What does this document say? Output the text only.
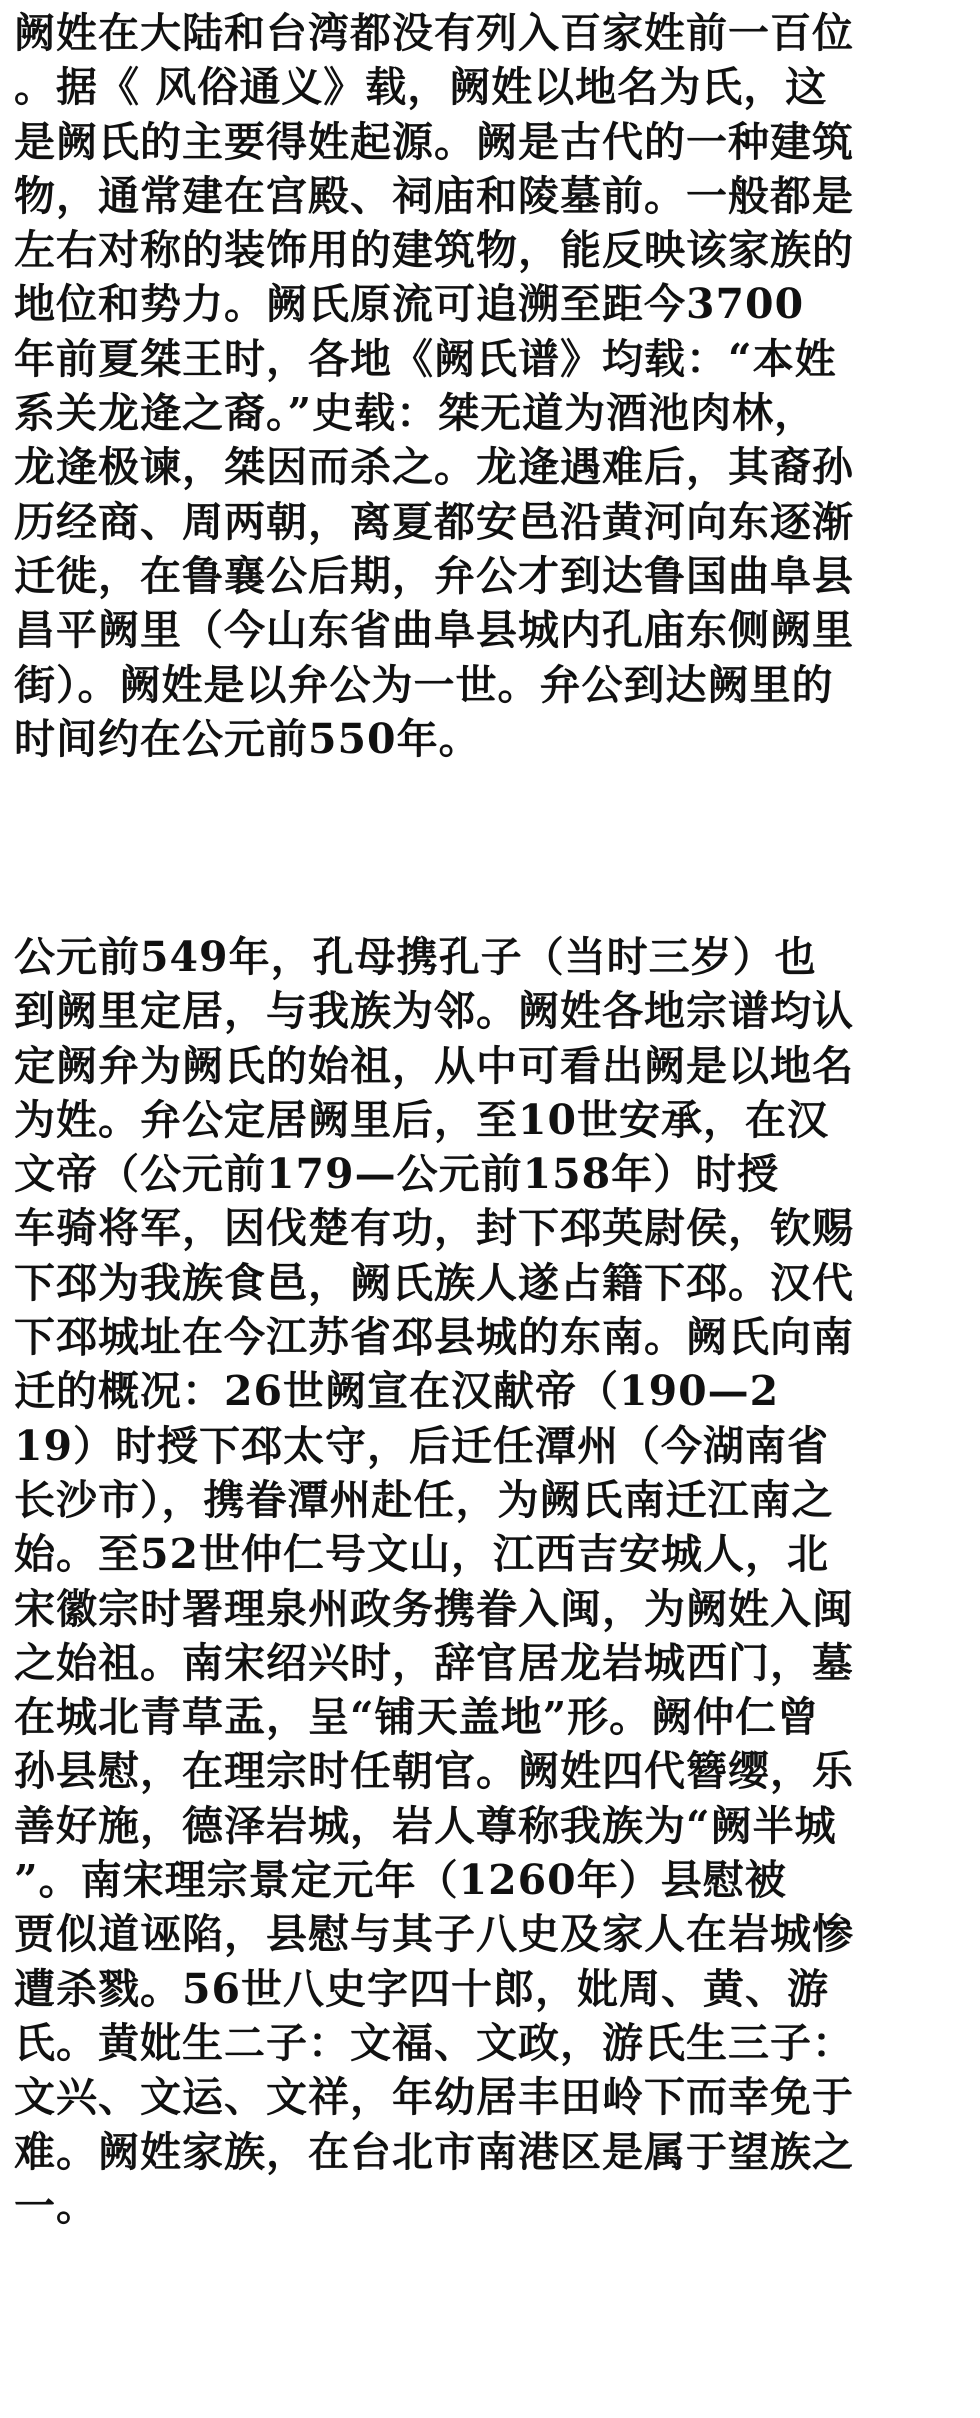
阙姓在大陆和台湾都没有列入百家姓前一百位
。据《 风俗通义》载，阙姓以地名为氏，这
是阙氏的主要得姓起源。阙是古代的一种建筑
物，通常建在宫殿、祠庙和陵墓前。一般都是
左右对称的装饰用的建筑物，能反映该家族的
地位和势力。阙氏原流可追溯至距今3700
年前夏桀王时，各地《阙氏谱》均载：“本姓
系关龙逄之裔。”史载：桀无道为酒池肉林，
龙逄极谏，桀因而杀之。龙逄遇难后，其裔孙
历经商、周两朝，离夏都安邑沿黄河向东逐渐
迁徙，在鲁襄公后期，弁公才到达鲁国曲阜县
昌平阙里（今山东省曲阜县城内孔庙东侧阙里
街）。阙姓是以弁公为一世。弁公到达阙里的
时间约在公元前550年。
公元前549年，孔母携孔子（当时三岁）也
到阙里定居，与我族为邻。阙姓各地宗谱均认
定阙弁为阙氏的始祖，从中可看出阙是以地名
为姓。弁公定居阙里后，至10世安承，在汉
文帝（公元前179—公元前158年）时授
车骑将军，因伐楚有功，封下邳英尉侯，钦赐
下邳为我族食邑，阙氏族人遂占籍下邳。汉代
下邳城址在今江苏省邳县城的东南。阙氏向南
迁的概况：26世阙宣在汉献帝（190—2
19）时授下邳太守，后迁任潭州（今湖南省
长沙市），携眷潭州赴任，为阙氏南迁江南之
始。至52世仲仁号文山，江西吉安城人，北
宋徽宗时署理泉州政务携眷入闽，为阙姓入闽
之始祖。南宋绍兴时，辞官居龙岩城西门，墓
在城北青草盂，呈“铺天盖地”形。阙仲仁曾
孙县慰，在理宗时任朝官。阙姓四代簪缨，乐
善好施，德泽岩城，岩人尊称我族为“阙半城
”。南宋理宗景定元年（1260年）县慰被
贾似道诬陷，县慰与其子八史及家人在岩城惨
遭杀戮。56世八史字四十郎，妣周、黄、游
氏。黄妣生二子：文福、文政，游氏生三子：
文兴、文运、文祥，年幼居丰田岭下而幸免于
难。阙姓家族，在台北市南港区是属于望族之
一。
